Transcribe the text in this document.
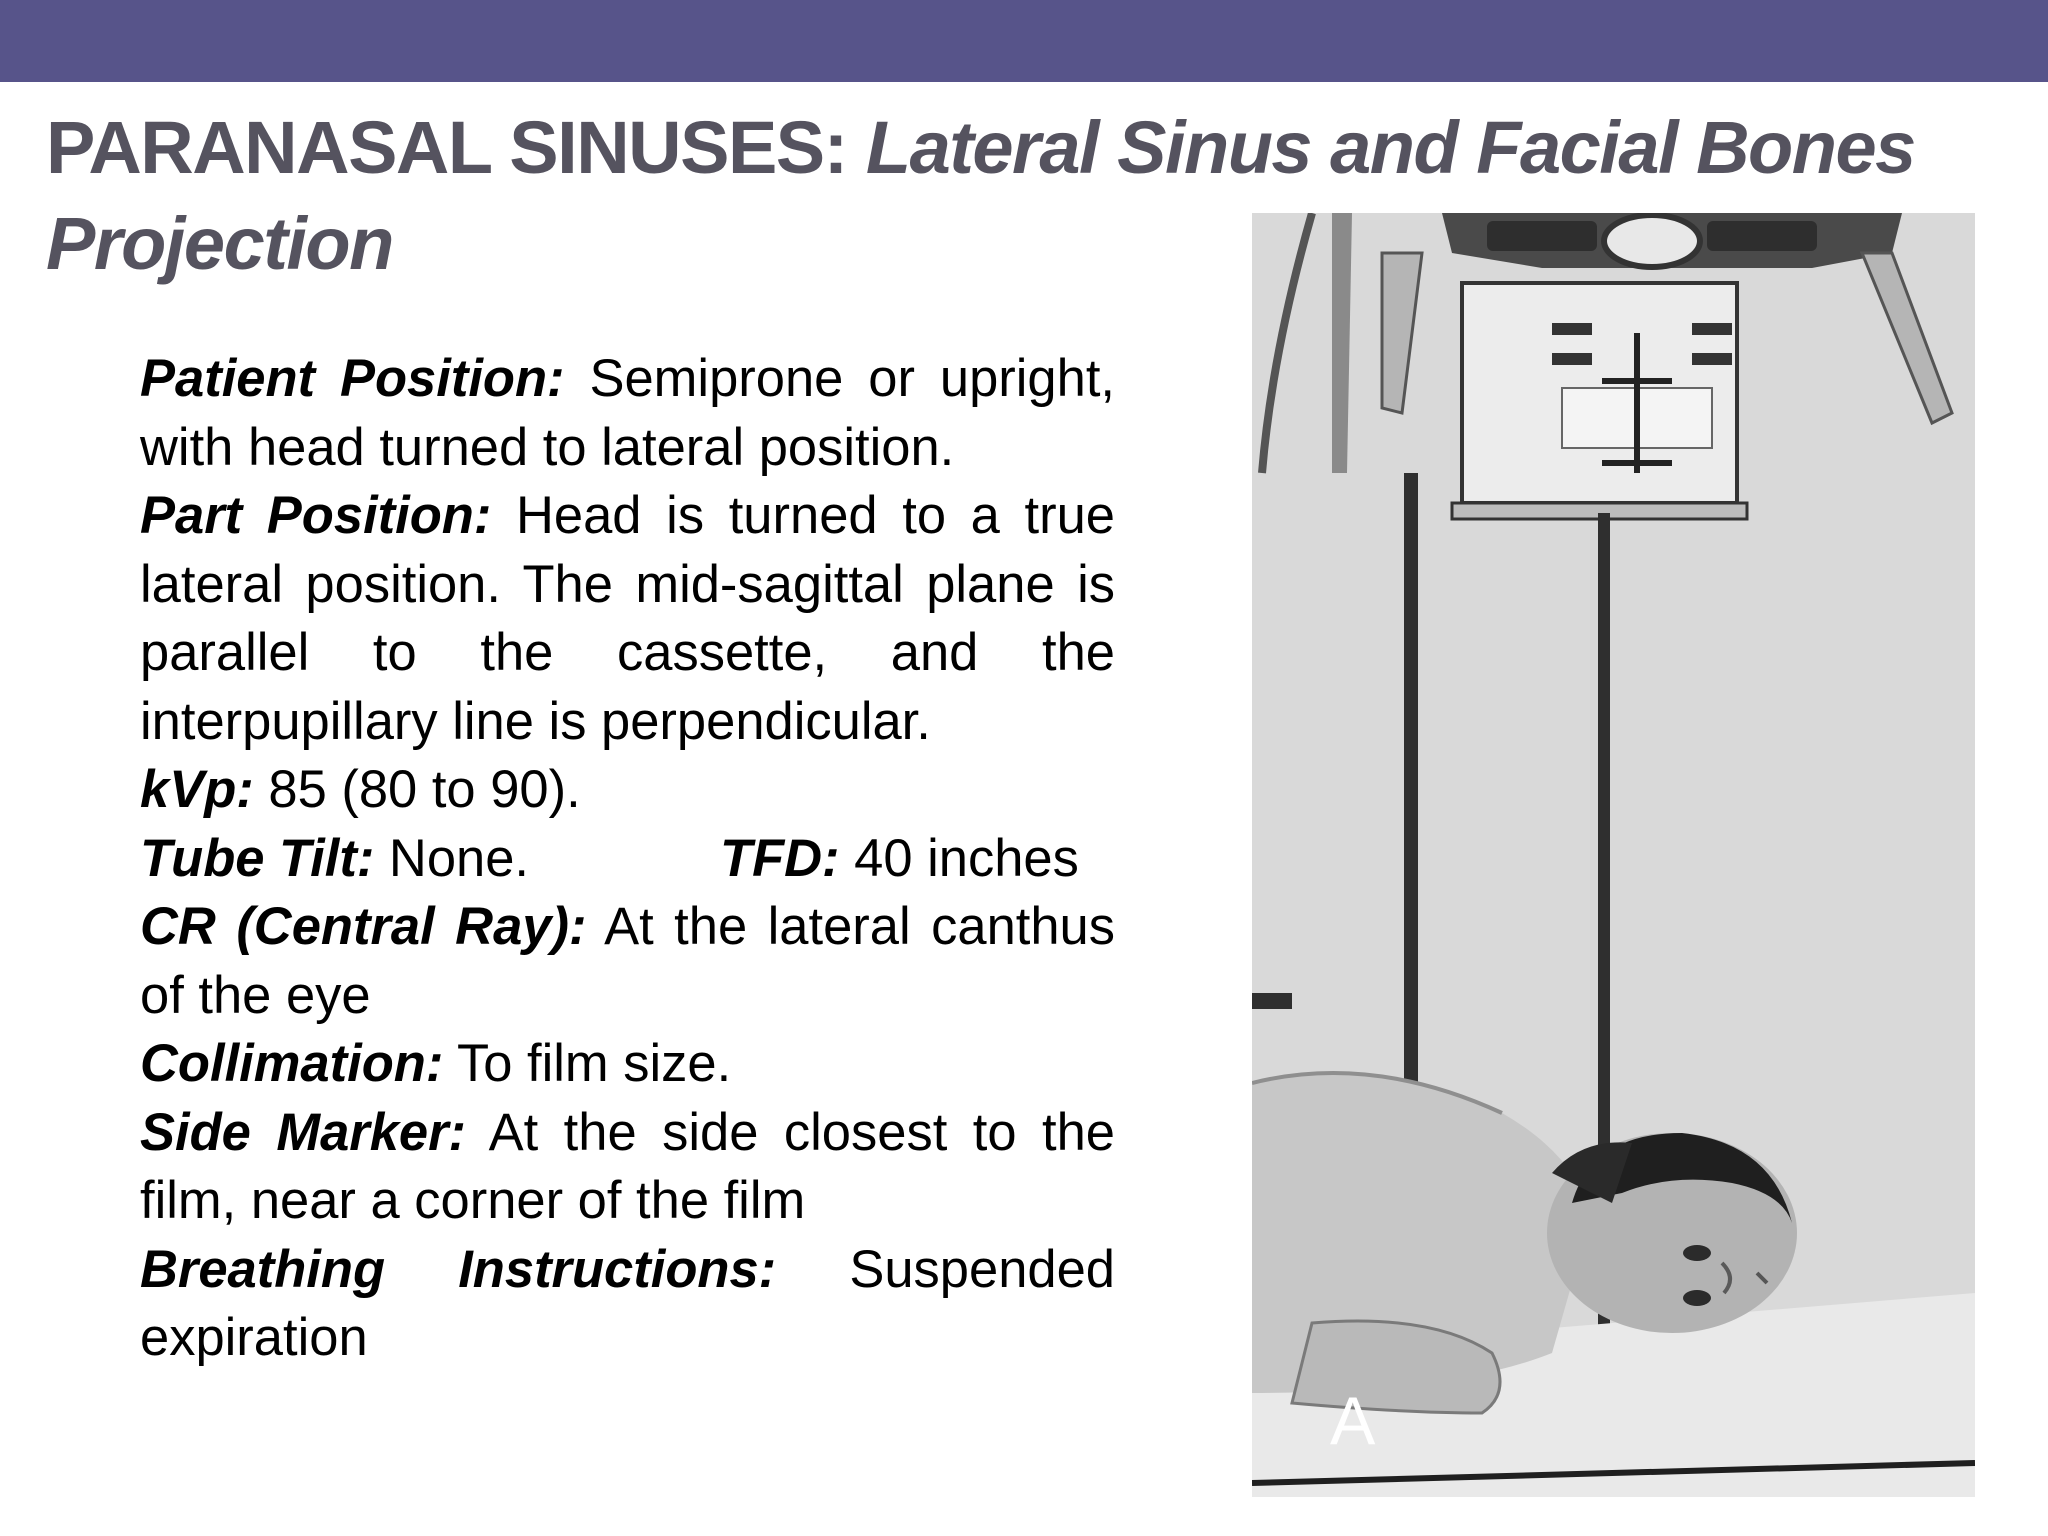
PARANASAL SINUSES: Lateral Sinus and Facial Bones Projection

Patient Position: Semiprone or upright, with head turned to lateral position.

Part Position: Head is turned to a true lateral position. The mid-sagittal plane is parallel to the cassette, and the interpupillary line is perpendicular.

kVp: 85 (80 to 90).

Tube Tilt: None.	TFD: 40 inches

CR (Central Ray): At the lateral canthus of the eye

Collimation: To film size.

Side Marker: At the side closest to the film, near a corner of the film

Breathing Instructions: Suspended expiration

A
